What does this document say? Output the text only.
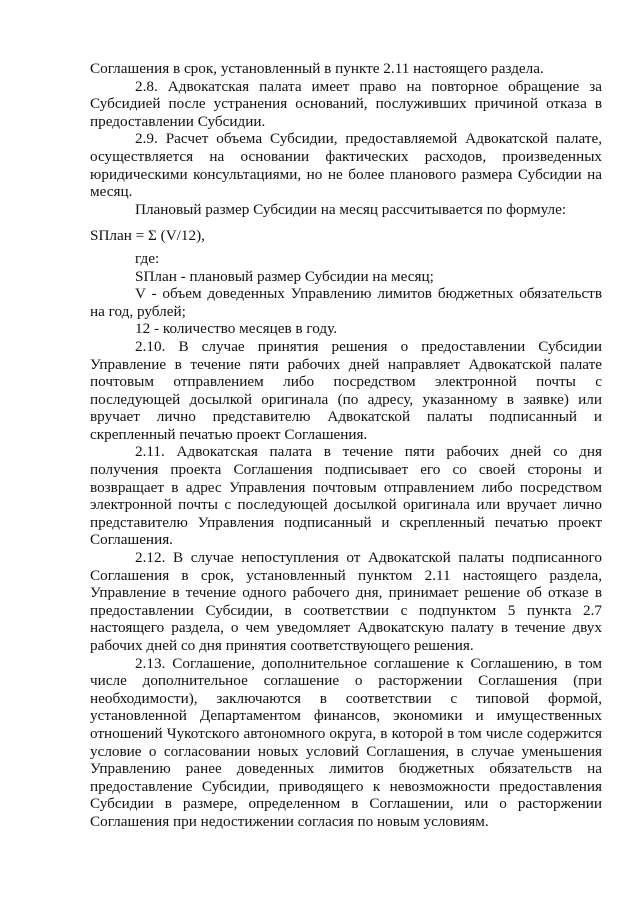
Соглашения в срок, установленный в пункте 2.11 настоящего раздела.

2.8. Адвокатская палата имеет право на повторное обращение за Субсидией после устранения оснований, послуживших причиной отказа в предоставлении Субсидии.

2.9. Расчет объема Субсидии, предоставляемой Адвокатской палате, осуществляется на основании фактических расходов, произведенных юридическими консультациями, но не более планового размера Субсидии на месяц.

Плановый размер Субсидии на месяц рассчитывается по формуле:

SПлан = Σ (V/12),

где:

SПлан - плановый размер Субсидии на месяц;

V - объем доведенных Управлению лимитов бюджетных обязательств на год, рублей;

12 - количество месяцев в году.

2.10. В случае принятия решения о предоставлении Субсидии Управление в течение пяти рабочих дней направляет Адвокатской палате почтовым отправлением либо посредством электронной почты с последующей досылкой оригинала (по адресу, указанному в заявке) или вручает лично представителю Адвокатской палаты подписанный и скрепленный печатью проект Соглашения.

2.11. Адвокатская палата в течение пяти рабочих дней со дня получения проекта Соглашения подписывает его со своей стороны и возвращает в адрес Управления почтовым отправлением либо посредством электронной почты с последующей досылкой оригинала или вручает лично представителю Управления подписанный и скрепленный печатью проект Соглашения.

2.12. В случае непоступления от Адвокатской палаты подписанного Соглашения в срок, установленный пунктом 2.11 настоящего раздела, Управление в течение одного рабочего дня, принимает решение об отказе в предоставлении Субсидии, в соответствии с подпунктом 5 пункта 2.7 настоящего раздела, о чем уведомляет Адвокатскую палату в течение двух рабочих дней со дня принятия соответствующего решения.

2.13. Соглашение, дополнительное соглашение к Соглашению, в том числе дополнительное соглашение о расторжении Соглашения (при необходимости), заключаются в соответствии с типовой формой, установленной Департаментом финансов, экономики и имущественных отношений Чукотского автономного округа, в которой в том числе содержится условие о согласовании новых условий Соглашения, в случае уменьшения Управлению ранее доведенных лимитов бюджетных обязательств на предоставление Субсидии, приводящего к невозможности предоставления Субсидии в размере, определенном в Соглашении, или о расторжении Соглашения при недостижении согласия по новым условиям.
